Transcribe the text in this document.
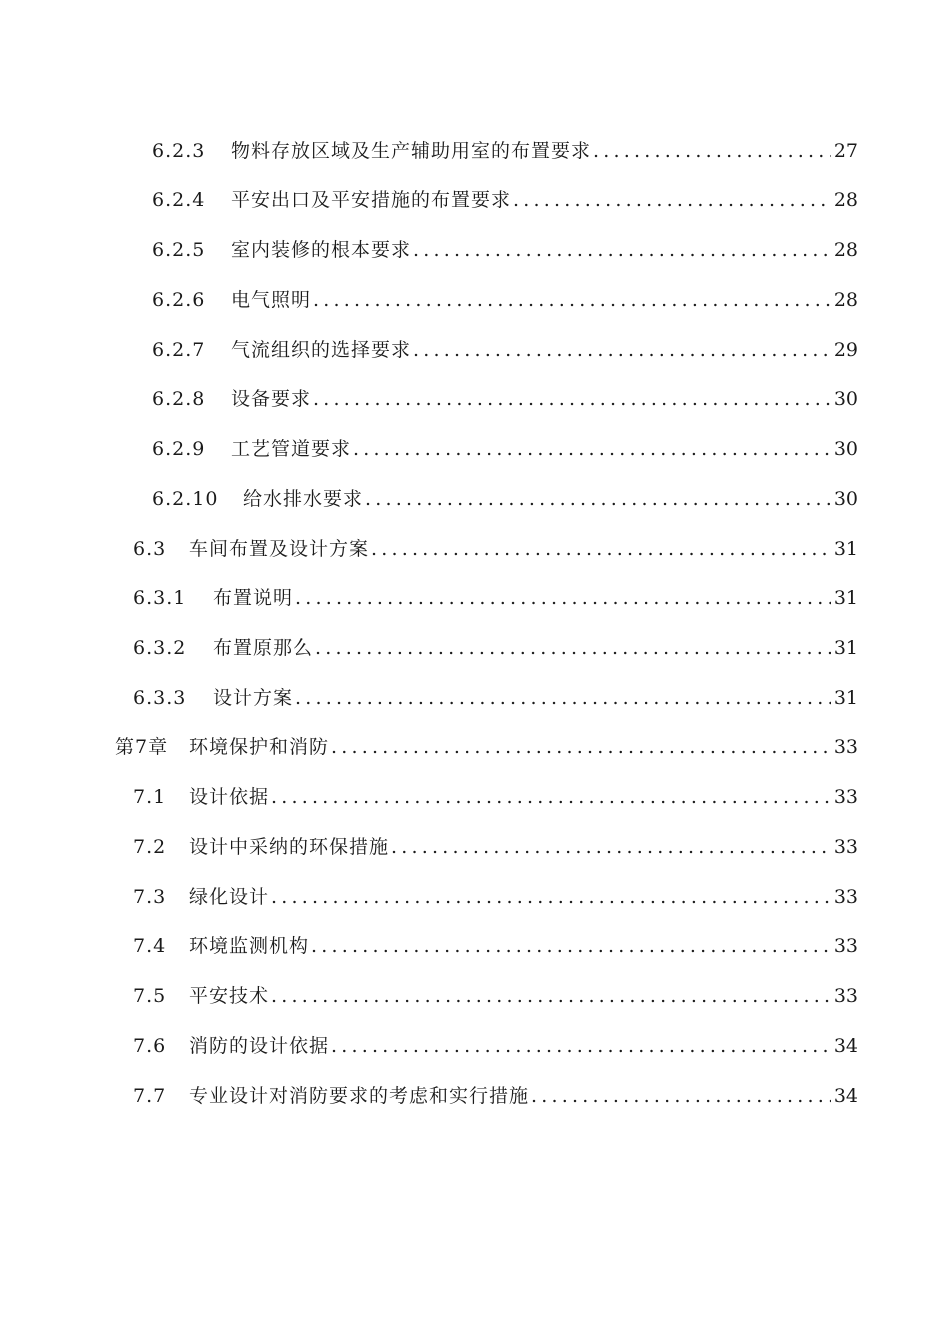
6.2.3	物料存放区域及生产辅助用室的布置要求 .....	27
6.2.4	平安出口及平安措施的布置要求 .....	28
6.2.5	室内装修的根本要求 .....	28
6.2.6	电气照明 .....	28
6.2.7	气流组织的选择要求 .....	29
6.2.8	设备要求 .....	30
6.2.9	工艺管道要求 .....	30
6.2.10	给水排水要求 .....	30
6.3	车间布置及设计方案 .....	31
6.3.1	布置说明 .....	31
6.3.2	布置原那么 .....	31
6.3.3	设计方案 .....	31
第7章	环境保护和消防 .....	33
7.1	设计依据 .....	33
7.2	设计中采纳的环保措施 .....	33
7.3	绿化设计 .....	33
7.4	环境监测机构 .....	33
7.5	平安技术 .....	33
7.6	消防的设计依据 .....	34
7.7	专业设计对消防要求的考虑和实行措施 .....	34
